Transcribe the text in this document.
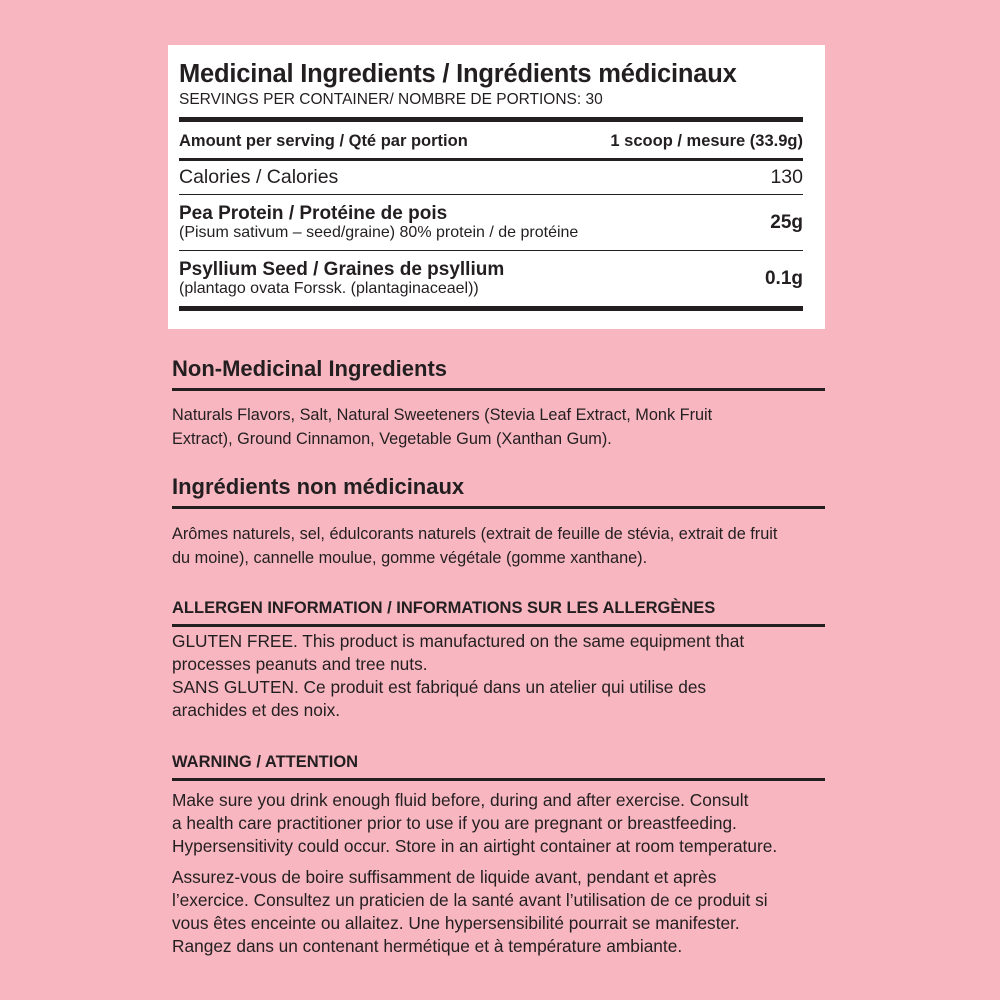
Medicinal Ingredients / Ingrédients médicinaux
SERVINGS PER CONTAINER/ NOMBRE DE PORTIONS: 30
Amount per serving / Qté par portion	1 scoop / mesure (33.9g)
Calories / Calories	130
Pea Protein / Protéine de pois
(Pisum sativum – seed/graine) 80% protein / de protéine	25g
Psyllium Seed / Graines de psyllium
(plantago ovata Forssk. (plantaginaceael))	0.1g
Non-Medicinal Ingredients
Naturals Flavors, Salt, Natural Sweeteners (Stevia Leaf Extract, Monk Fruit
Extract), Ground Cinnamon, Vegetable Gum (Xanthan Gum).
Ingrédients non médicinaux
Arômes naturels, sel, édulcorants naturels (extrait de feuille de stévia, extrait de fruit
du moine), cannelle moulue, gomme végétale (gomme xanthane).
ALLERGEN INFORMATION / INFORMATIONS SUR LES ALLERGÈNES
GLUTEN FREE. This product is manufactured on the same equipment that
processes peanuts and tree nuts.
SANS GLUTEN. Ce produit est fabriqué dans un atelier qui utilise des
arachides et des noix.
WARNING / ATTENTION
Make sure you drink enough fluid before, during and after exercise. Consult
a health care practitioner prior to use if you are pregnant or breastfeeding.
Hypersensitivity could occur. Store in an airtight container at room temperature.
Assurez-vous de boire suffisamment de liquide avant, pendant et après
l’exercice. Consultez un praticien de la santé avant l’utilisation de ce produit si
vous êtes enceinte ou allaitez. Une hypersensibilité pourrait se manifester.
Rangez dans un contenant hermétique et à température ambiante.
